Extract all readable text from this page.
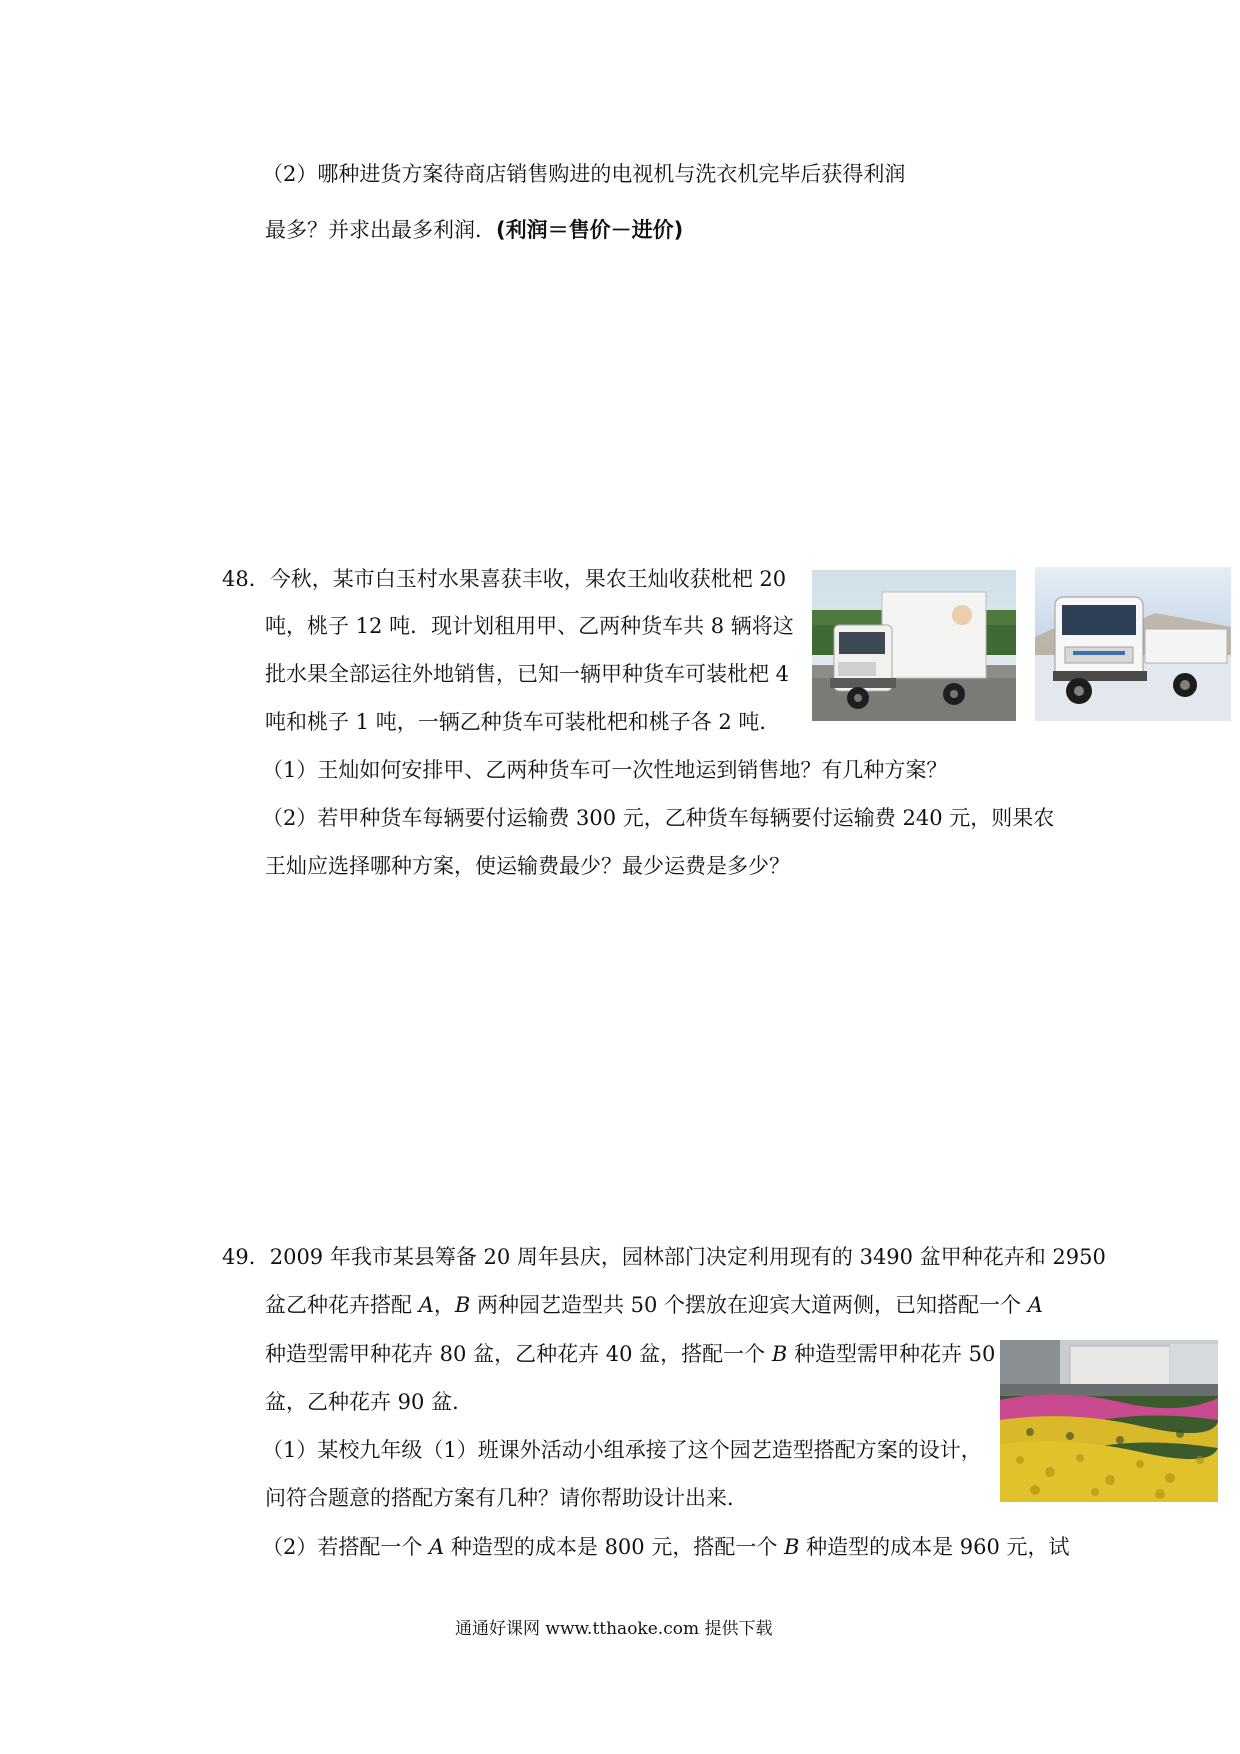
（2）哪种进货方案待商店销售购进的电视机与洗衣机完毕后获得利润
最多？并求出最多利润．(利润＝售价－进价)
48．今秋，某市白玉村水果喜获丰收，果农王灿收获枇杷 20
吨，桃子 12 吨．现计划租用甲、乙两种货车共 8 辆将这
批水果全部运往外地销售，已知一辆甲种货车可装枇杷 4
吨和桃子 1 吨，一辆乙种货车可装枇杷和桃子各 2 吨．
（1）王灿如何安排甲、乙两种货车可一次性地运到销售地？有几种方案？
（2）若甲种货车每辆要付运输费 300 元，乙种货车每辆要付运输费 240 元，则果农
王灿应选择哪种方案，使运输费最少？最少运费是多少？
49．2009 年我市某县筹备 20 周年县庆，园林部门决定利用现有的 3490 盆甲种花卉和 2950
盆乙种花卉搭配 A，B 两种园艺造型共 50 个摆放在迎宾大道两侧，已知搭配一个 A
种造型需甲种花卉 80 盆，乙种花卉 40 盆，搭配一个 B 种造型需甲种花卉 50
盆，乙种花卉 90 盆．
（1）某校九年级（1）班课外活动小组承接了这个园艺造型搭配方案的设计，
问符合题意的搭配方案有几种？请你帮助设计出来．
（2）若搭配一个 A 种造型的成本是 800 元，搭配一个 B 种造型的成本是 960 元，试
通通好课网 www.tthaoke.com 提供下载
